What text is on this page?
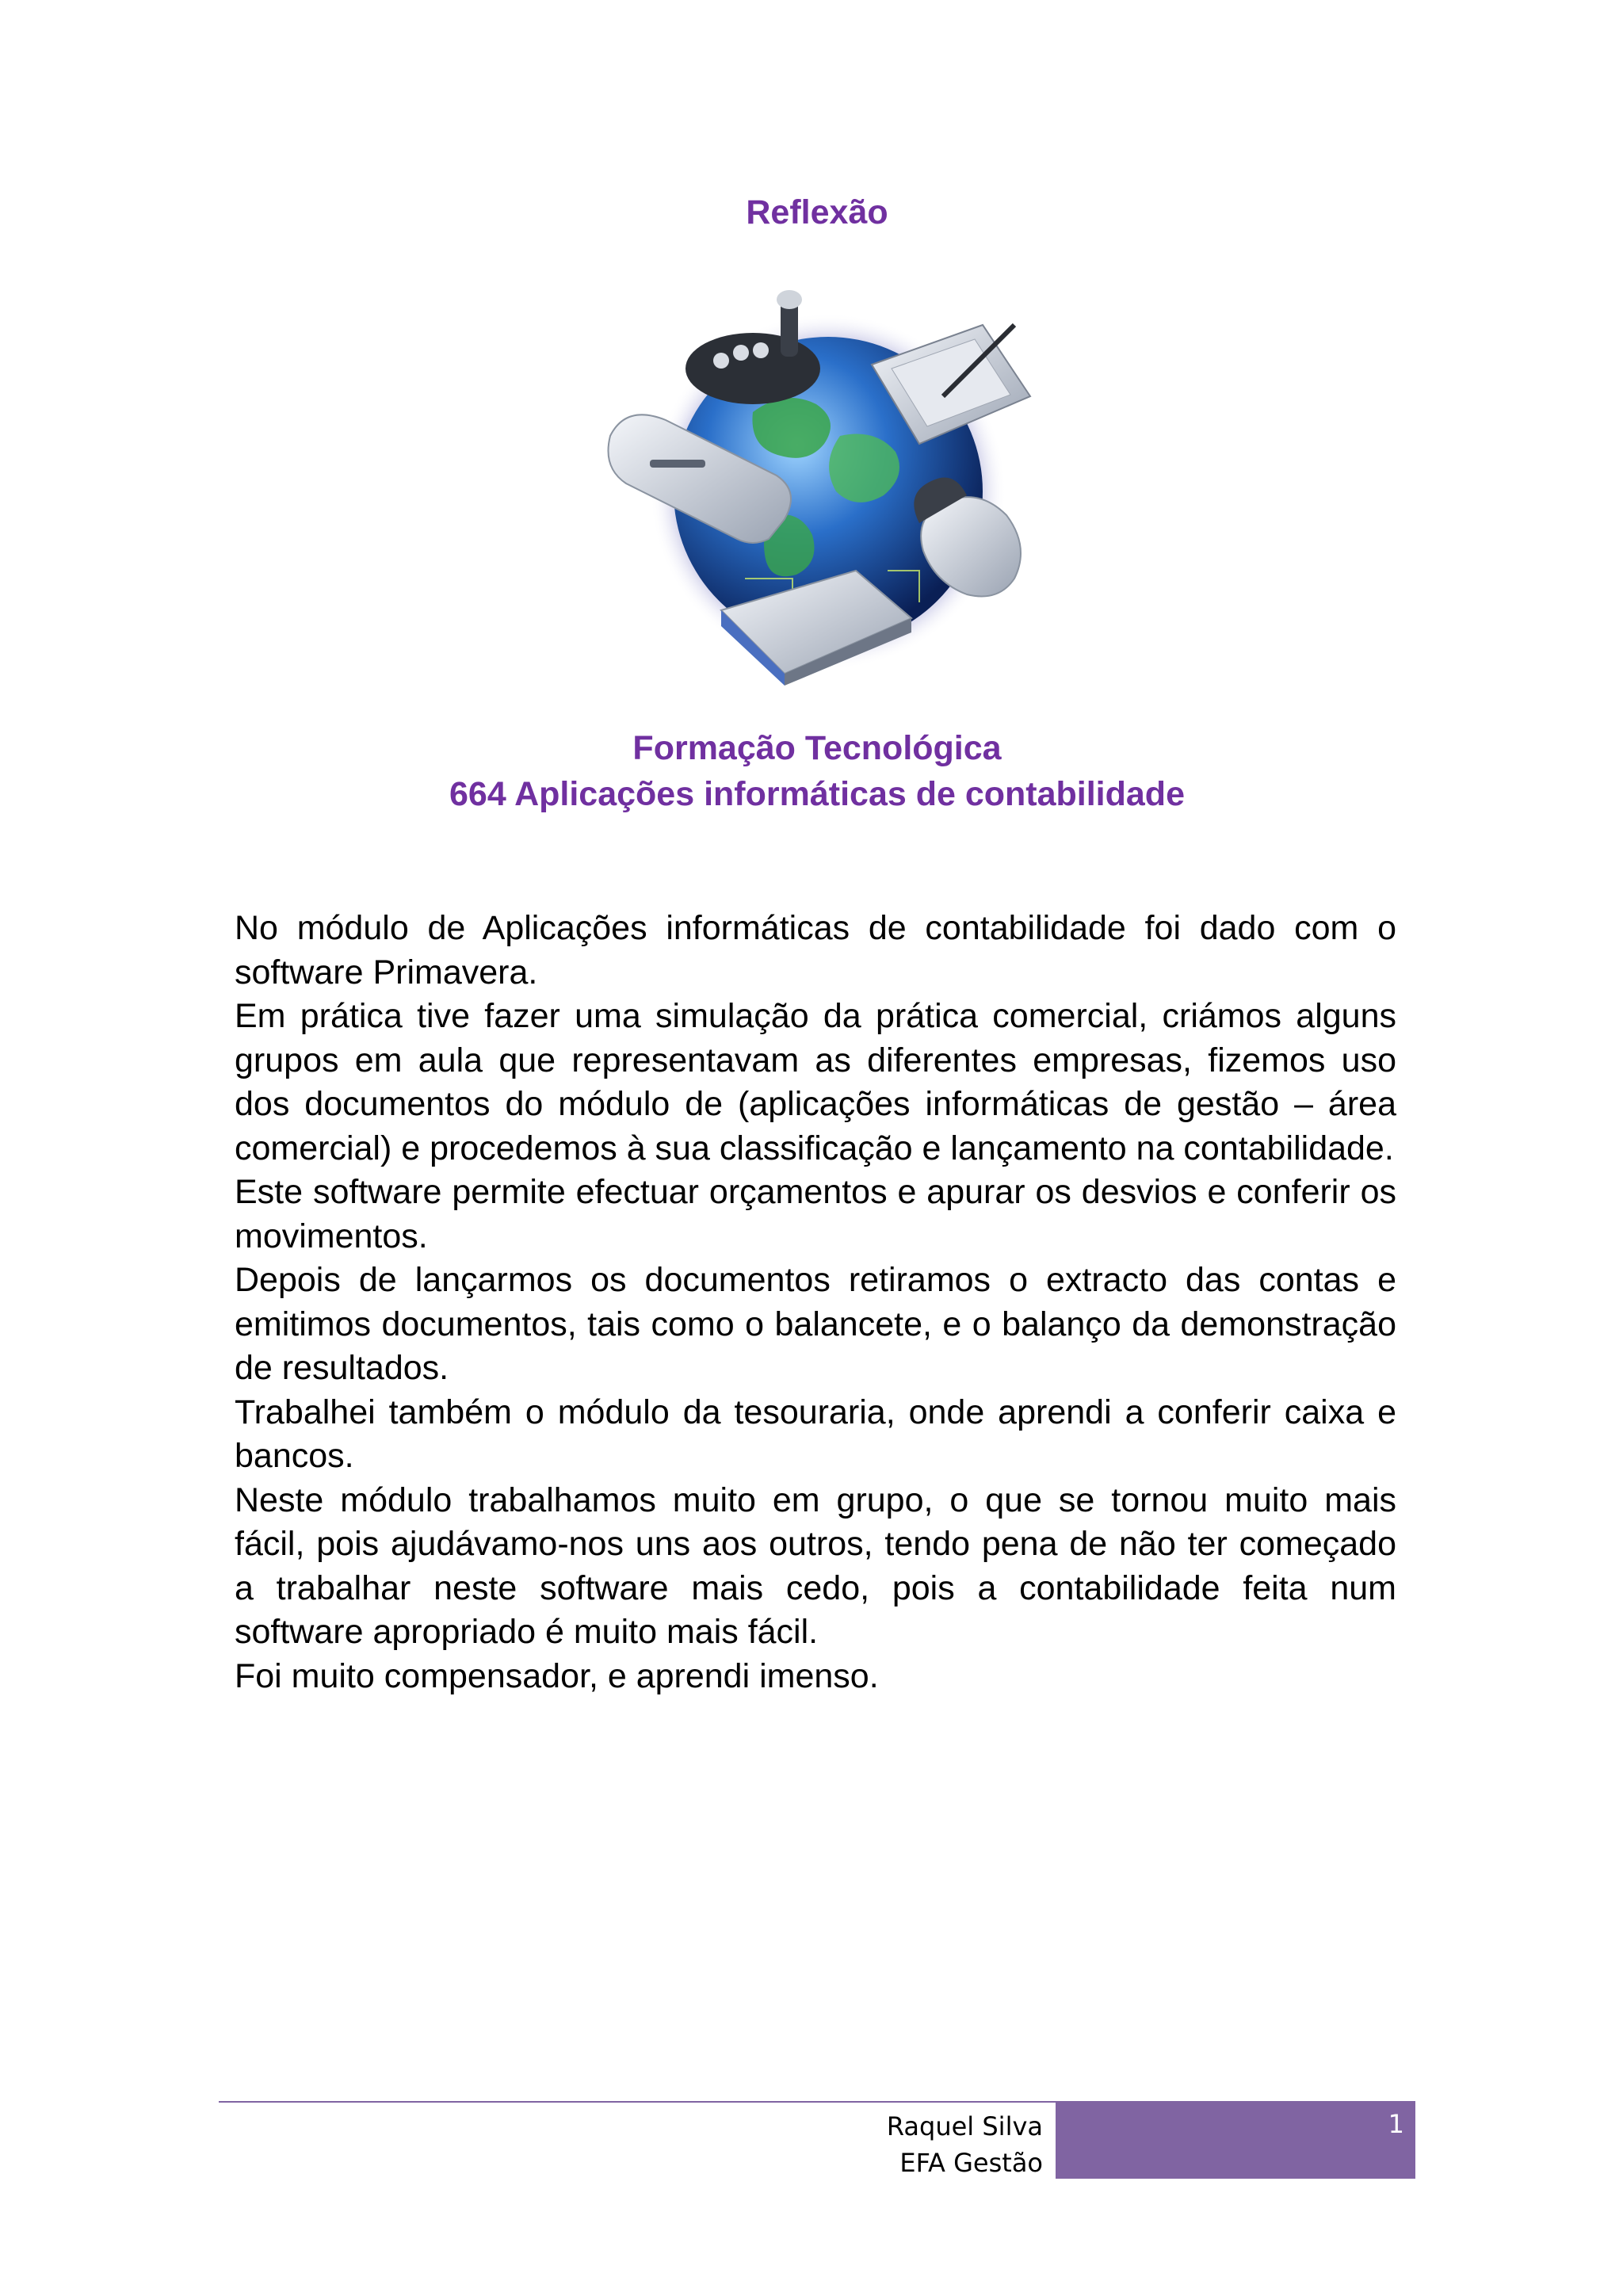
Reflexão
Formação Tecnológica
664 Aplicações informáticas de contabilidade

No módulo de Aplicações informáticas de contabilidade foi dado com o software Primavera.

Em prática tive fazer uma simulação da prática comercial, criámos alguns grupos em aula que representavam as diferentes empresas, fizemos uso dos documentos do módulo de (aplicações informáticas de gestão – área comercial) e procedemos à sua classificação e lançamento na contabilidade.

Este software permite efectuar orçamentos e apurar os desvios e conferir os movimentos.

Depois de lançarmos os documentos retiramos o extracto das contas e emitimos documentos, tais como o balancete, e o balanço da demonstração de resultados.

Trabalhei também o módulo da tesouraria, onde aprendi a conferir caixa e bancos.

Neste módulo trabalhamos muito em grupo, o que se tornou muito mais fácil, pois ajudávamo-nos uns aos outros, tendo pena de não ter começado a trabalhar neste software mais cedo, pois a contabilidade feita num software apropriado é muito mais fácil.

Foi muito compensador, e aprendi imenso.

Raquel Silva
EFA Gestão
1
